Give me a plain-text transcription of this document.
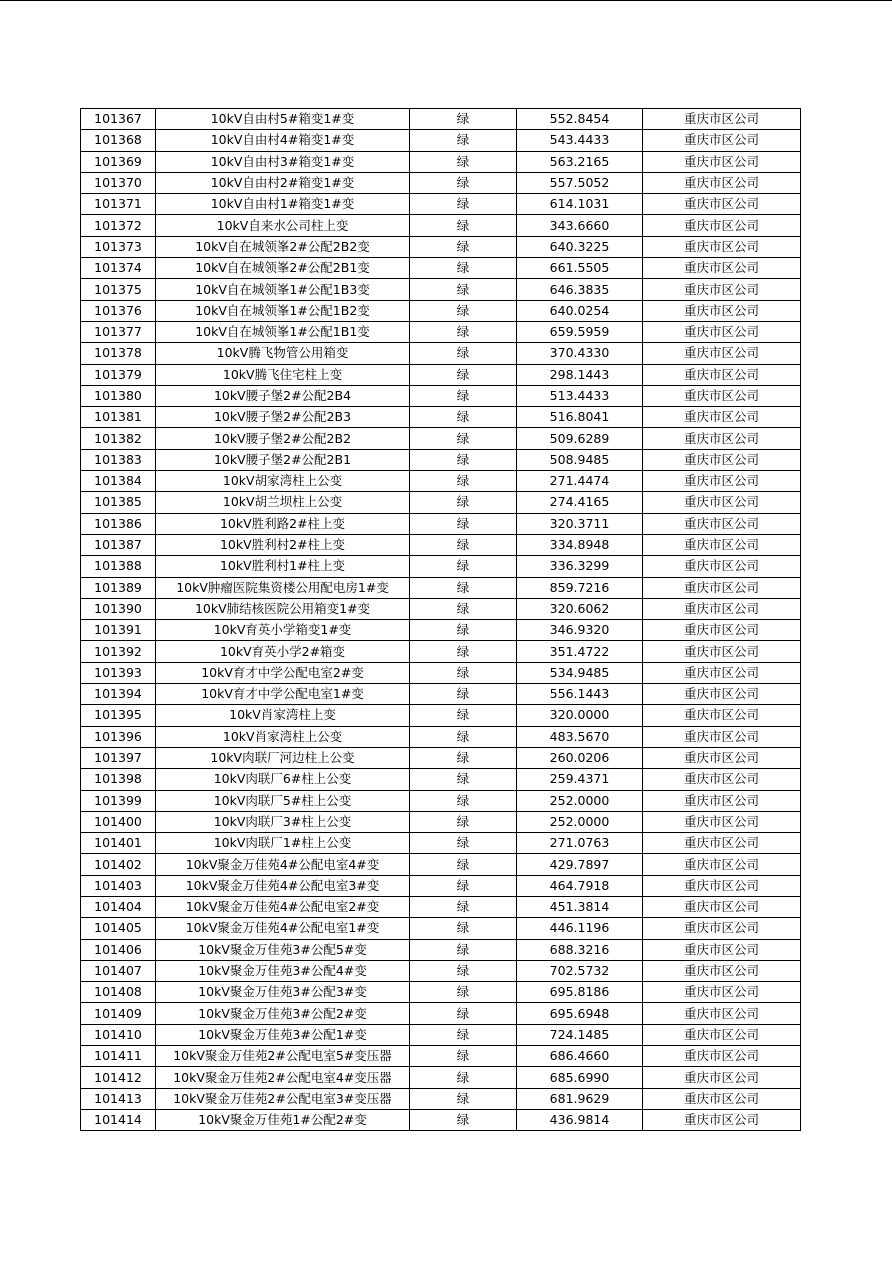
101367	10kV自由村5#箱变1#变	绿	552.8454	重庆市区公司
101368	10kV自由村4#箱变1#变	绿	543.4433	重庆市区公司
101369	10kV自由村3#箱变1#变	绿	563.2165	重庆市区公司
101370	10kV自由村2#箱变1#变	绿	557.5052	重庆市区公司
101371	10kV自由村1#箱变1#变	绿	614.1031	重庆市区公司
101372	10kV自来水公司柱上变	绿	343.6660	重庆市区公司
101373	10kV自在城领峯2#公配2B2变	绿	640.3225	重庆市区公司
101374	10kV自在城领峯2#公配2B1变	绿	661.5505	重庆市区公司
101375	10kV自在城领峯1#公配1B3变	绿	646.3835	重庆市区公司
101376	10kV自在城领峯1#公配1B2变	绿	640.0254	重庆市区公司
101377	10kV自在城领峯1#公配1B1变	绿	659.5959	重庆市区公司
101378	10kV腾飞物管公用箱变	绿	370.4330	重庆市区公司
101379	10kV腾飞住宅柱上变	绿	298.1443	重庆市区公司
101380	10kV腰子堡2#公配2B4	绿	513.4433	重庆市区公司
101381	10kV腰子堡2#公配2B3	绿	516.8041	重庆市区公司
101382	10kV腰子堡2#公配2B2	绿	509.6289	重庆市区公司
101383	10kV腰子堡2#公配2B1	绿	508.9485	重庆市区公司
101384	10kV胡家湾柱上公变	绿	271.4474	重庆市区公司
101385	10kV胡兰坝柱上公变	绿	274.4165	重庆市区公司
101386	10kV胜利路2#柱上变	绿	320.3711	重庆市区公司
101387	10kV胜利村2#柱上变	绿	334.8948	重庆市区公司
101388	10kV胜利村1#柱上变	绿	336.3299	重庆市区公司
101389	10kV肿瘤医院集资楼公用配电房1#变	绿	859.7216	重庆市区公司
101390	10kV肺结核医院公用箱变1#变	绿	320.6062	重庆市区公司
101391	10kV育英小学箱变1#变	绿	346.9320	重庆市区公司
101392	10kV育英小学2#箱变	绿	351.4722	重庆市区公司
101393	10kV育才中学公配电室2#变	绿	534.9485	重庆市区公司
101394	10kV育才中学公配电室1#变	绿	556.1443	重庆市区公司
101395	10kV肖家湾柱上变	绿	320.0000	重庆市区公司
101396	10kV肖家湾柱上公变	绿	483.5670	重庆市区公司
101397	10kV肉联厂河边柱上公变	绿	260.0206	重庆市区公司
101398	10kV肉联厂6#柱上公变	绿	259.4371	重庆市区公司
101399	10kV肉联厂5#柱上公变	绿	252.0000	重庆市区公司
101400	10kV肉联厂3#柱上公变	绿	252.0000	重庆市区公司
101401	10kV肉联厂1#柱上公变	绿	271.0763	重庆市区公司
101402	10kV聚金万佳苑4#公配电室4#变	绿	429.7897	重庆市区公司
101403	10kV聚金万佳苑4#公配电室3#变	绿	464.7918	重庆市区公司
101404	10kV聚金万佳苑4#公配电室2#变	绿	451.3814	重庆市区公司
101405	10kV聚金万佳苑4#公配电室1#变	绿	446.1196	重庆市区公司
101406	10kV聚金万佳苑3#公配5#变	绿	688.3216	重庆市区公司
101407	10kV聚金万佳苑3#公配4#变	绿	702.5732	重庆市区公司
101408	10kV聚金万佳苑3#公配3#变	绿	695.8186	重庆市区公司
101409	10kV聚金万佳苑3#公配2#变	绿	695.6948	重庆市区公司
101410	10kV聚金万佳苑3#公配1#变	绿	724.1485	重庆市区公司
101411	10kV聚金万佳苑2#公配电室5#变压器	绿	686.4660	重庆市区公司
101412	10kV聚金万佳苑2#公配电室4#变压器	绿	685.6990	重庆市区公司
101413	10kV聚金万佳苑2#公配电室3#变压器	绿	681.9629	重庆市区公司
101414	10kV聚金万佳苑1#公配2#变	绿	436.9814	重庆市区公司
